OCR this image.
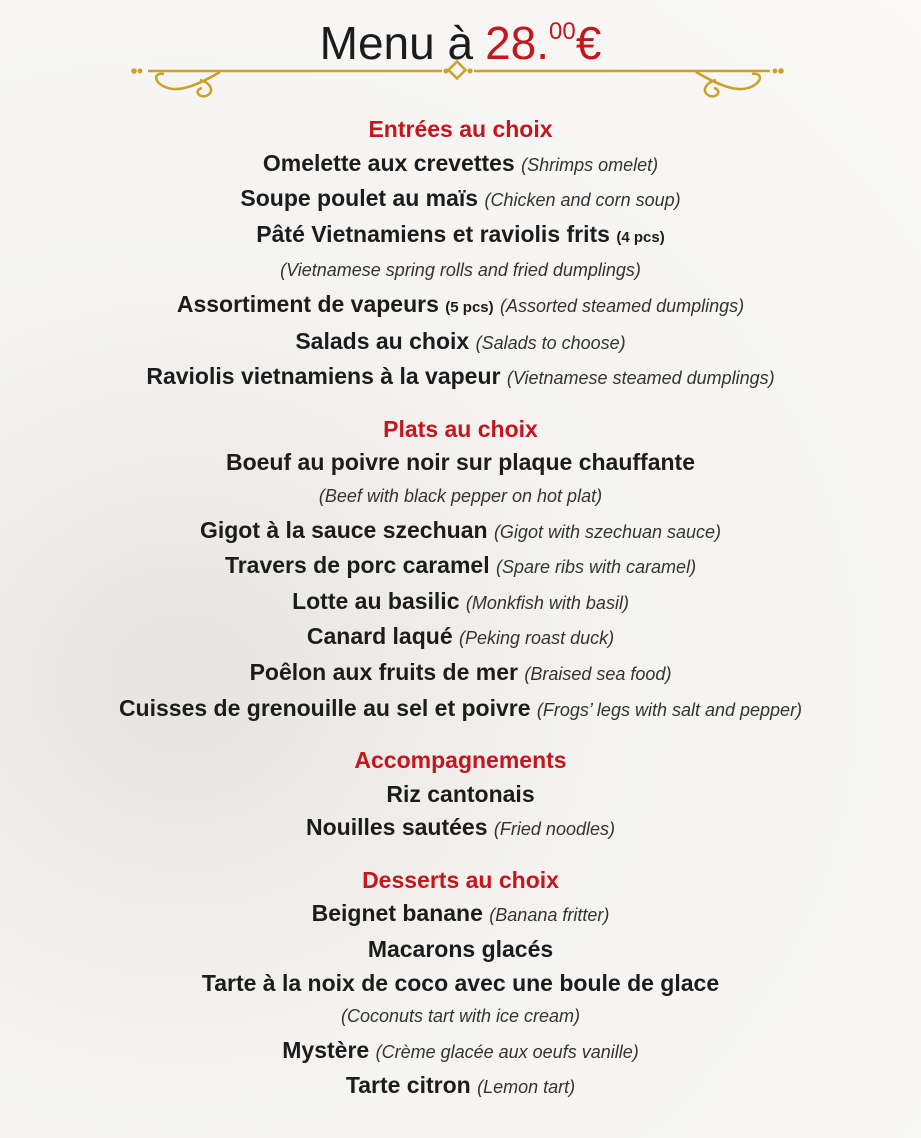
Menu à 28.00€
Entrées au choix
Omelette aux crevettes (Shrimps omelet)
Soupe poulet au maïs (Chicken and corn soup)
Pâté Vietnamiens et raviolis frits (4 pcs)
(Vietnamese spring rolls and fried dumplings)
Assortiment de vapeurs (5 pcs) (Assorted steamed dumplings)
Salads au choix (Salads to choose)
Raviolis vietnamiens à la vapeur (Vietnamese steamed dumplings)
Plats au choix
Boeuf au poivre noir sur plaque chauffante
(Beef with black pepper on hot plat)
Gigot à la sauce szechuan (Gigot with szechuan sauce)
Travers de porc caramel (Spare ribs with caramel)
Lotte au basilic (Monkfish with basil)
Canard laqué (Peking roast duck)
Poêlon aux fruits de mer (Braised sea food)
Cuisses de grenouille au sel et poivre (Frogs’ legs with salt and pepper)
Accompagnements
Riz cantonais
Nouilles sautées (Fried noodles)
Desserts au choix
Beignet banane (Banana fritter)
Macarons glacés
Tarte à la noix de coco avec une boule de glace
(Coconuts tart with ice cream)
Mystère (Crème glacée aux oeufs vanille)
Tarte citron (Lemon tart)
